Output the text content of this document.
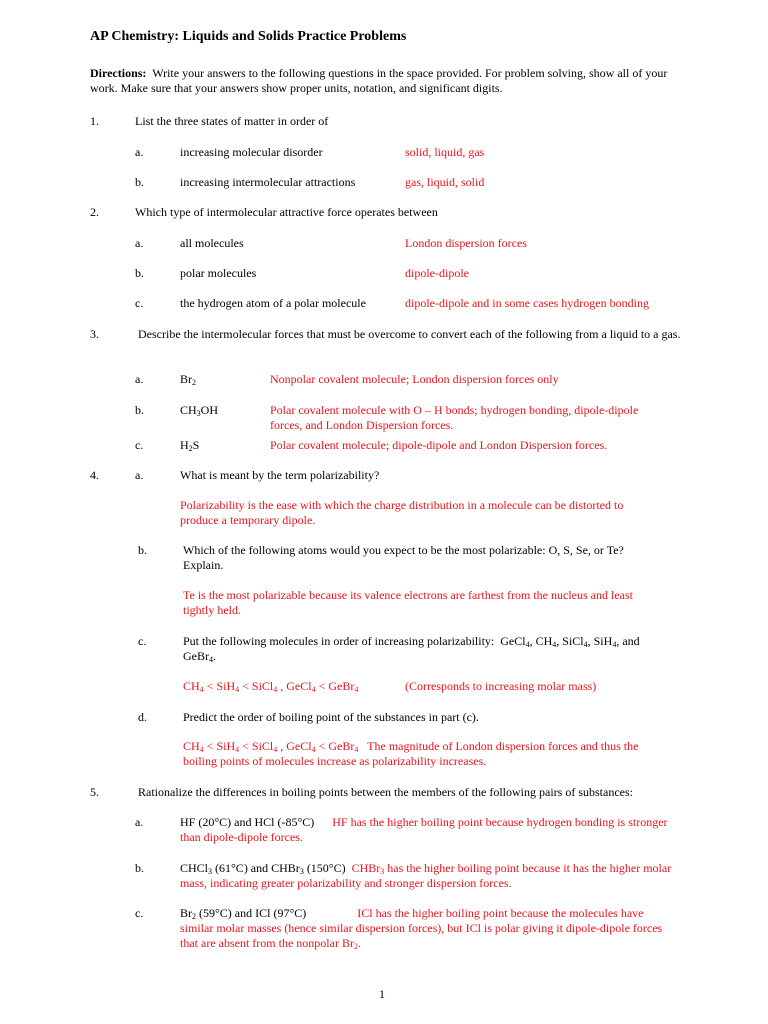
AP Chemistry: Liquids and Solids Practice Problems
Directions: Write your answers to the following questions in the space provided. For problem solving, show all of your work. Make sure that your answers show proper units, notation, and significant digits.
1.	List the three states of matter in order of
a.	increasing molecular disorder	solid, liquid, gas
b.	increasing intermolecular attractions	gas, liquid, solid
2.	Which type of intermolecular attractive force operates between
a.	all molecules	London dispersion forces
b.	polar molecules	dipole-dipole
c.	the hydrogen atom of a polar molecule	dipole-dipole and in some cases hydrogen bonding
3.	Describe the intermolecular forces that must be overcome to convert each of the following from a liquid to a gas.
a.	Br2	Nonpolar covalent molecule; London dispersion forces only
b.	CH3OH	Polar covalent molecule with O – H bonds; hydrogen bonding, dipole-dipole forces, and London Dispersion forces.
c.	H2S	Polar covalent molecule; dipole-dipole and London Dispersion forces.
4.	a.	What is meant by the term polarizability?
Polarizability is the ease with which the charge distribution in a molecule can be distorted to produce a temporary dipole.
b.	Which of the following atoms would you expect to be the most polarizable: O, S, Se, or Te? Explain.
Te is the most polarizable because its valence electrons are farthest from the nucleus and least tightly held.
c.	Put the following molecules in order of increasing polarizability:  GeCl4, CH4, SiCl4, SiH4, and GeBr4.
CH4 < SiH4 < SiCl4 , GeCl4 < GeBr4	(Corresponds to increasing molar mass)
d.	Predict the order of boiling point of the substances in part (c).
CH4 < SiH4 < SiCl4 , GeCl4 < GeBr4 The magnitude of London dispersion forces and thus the boiling points of molecules increase as polarizability increases.
5.	Rationalize the differences in boiling points between the members of the following pairs of substances:
a.	HF (20°C) and HCl (-85°C)      HF has the higher boiling point because hydrogen bonding is stronger than dipole-dipole forces.
b.	CHCl3 (61°C) and CHBr3 (150°C)  CHBr3 has the higher boiling point because it has the higher molar mass, indicating greater polarizability and stronger dispersion forces.
c.	Br2 (59°C) and ICl (97°C)                 ICl has the higher boiling point because the molecules have similar molar masses (hence similar dispersion forces), but ICl is polar giving it dipole-dipole forces that are absent from the nonpolar Br2.
1
